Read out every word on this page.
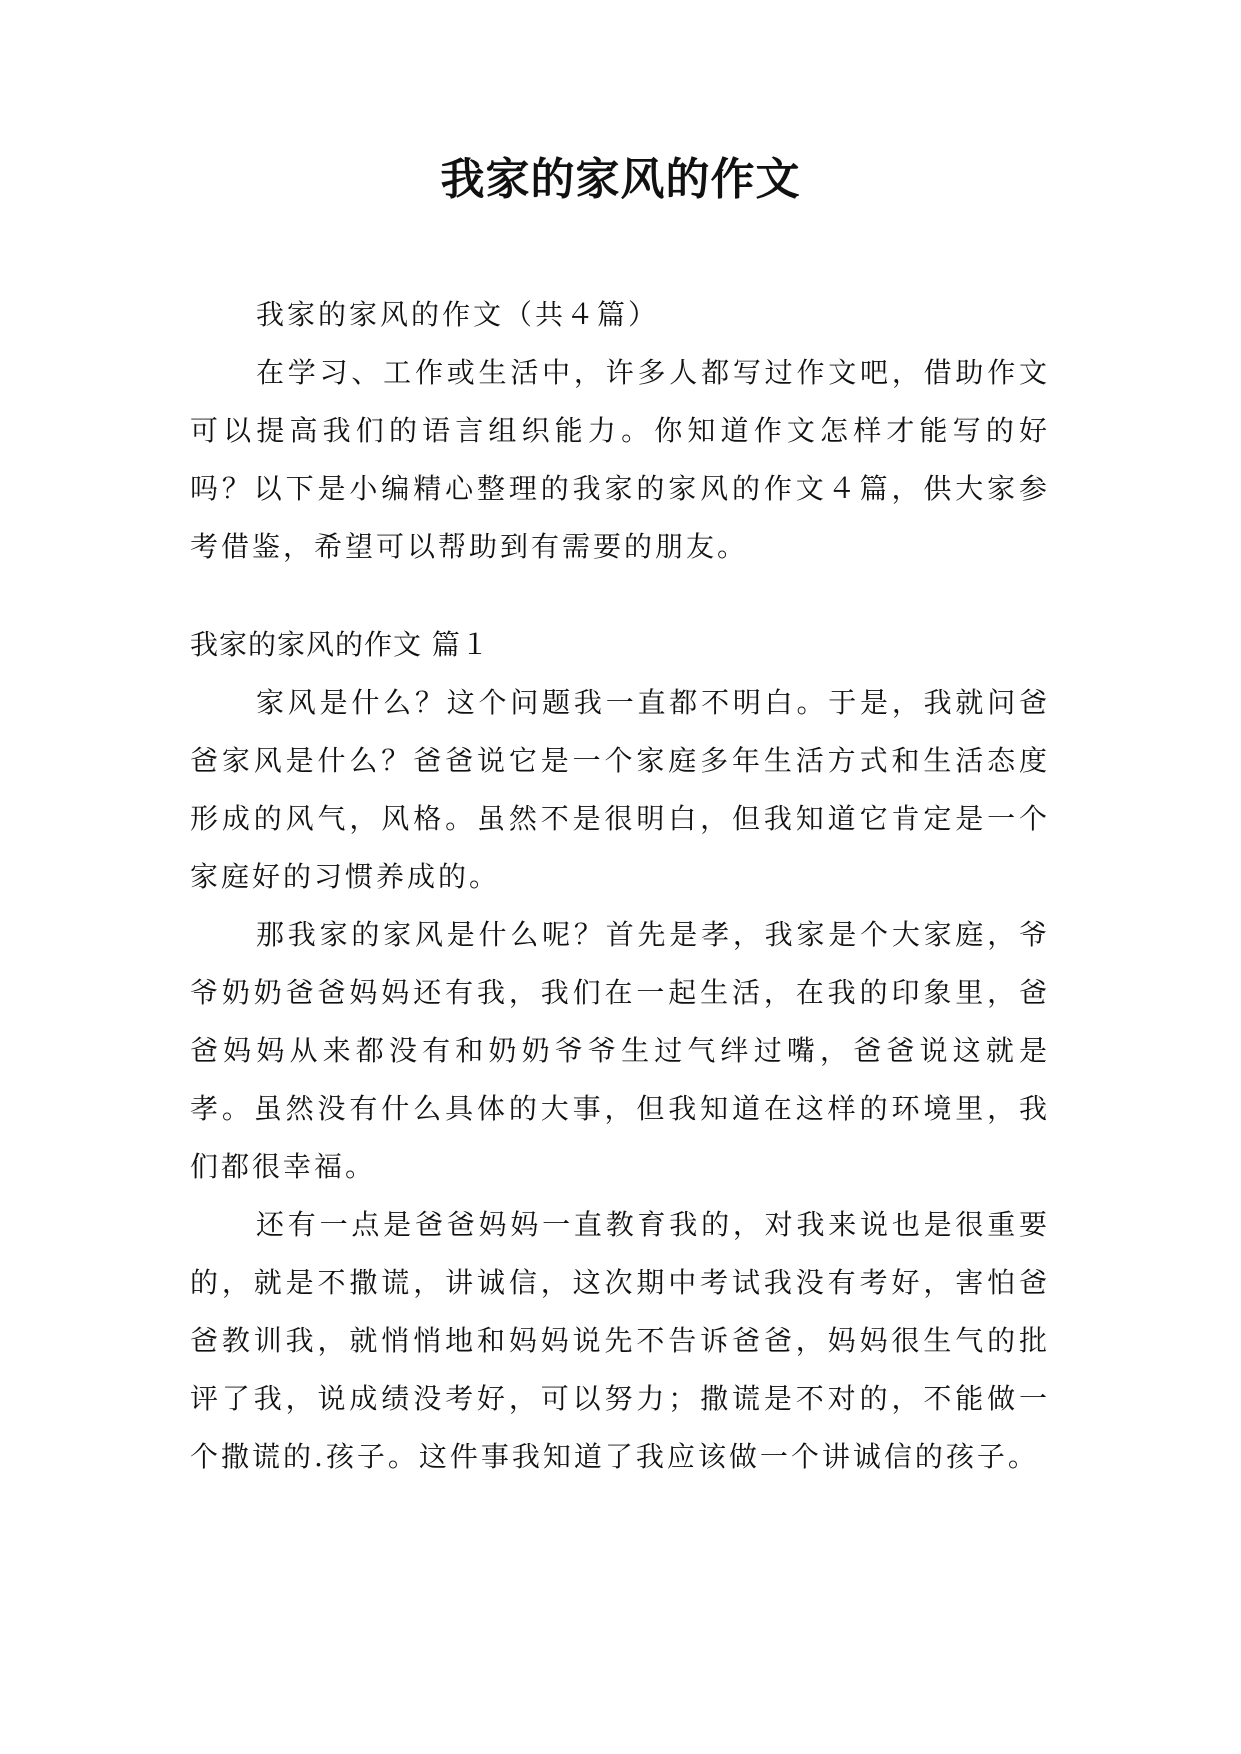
我家的家风的作文

我家的家风的作文（共４篇）

在学习、工作或生活中，许多人都写过作文吧，借助作文可以提高我们的语言组织能力。你知道作文怎样才能写的好吗？以下是小编精心整理的我家的家风的作文４篇，供大家参考借鉴，希望可以帮助到有需要的朋友。

我家的家风的作文 篇１

家风是什么？这个问题我一直都不明白。于是，我就问爸爸家风是什么？爸爸说它是一个家庭多年生活方式和生活态度形成的风气，风格。虽然不是很明白，但我知道它肯定是一个家庭好的习惯养成的。

那我家的家风是什么呢？首先是孝，我家是个大家庭，爷爷奶奶爸爸妈妈还有我，我们在一起生活，在我的印象里，爸爸妈妈从来都没有和奶奶爷爷生过气绊过嘴，爸爸说这就是孝。虽然没有什么具体的大事，但我知道在这样的环境里，我们都很幸福。

还有一点是爸爸妈妈一直教育我的，对我来说也是很重要的，就是不撒谎，讲诚信，这次期中考试我没有考好，害怕爸爸教训我，就悄悄地和妈妈说先不告诉爸爸，妈妈很生气的批评了我，说成绩没考好，可以努力；撒谎是不对的，不能做一个撒谎的.孩子。这件事我知道了我应该做一个讲诚信的孩子。
